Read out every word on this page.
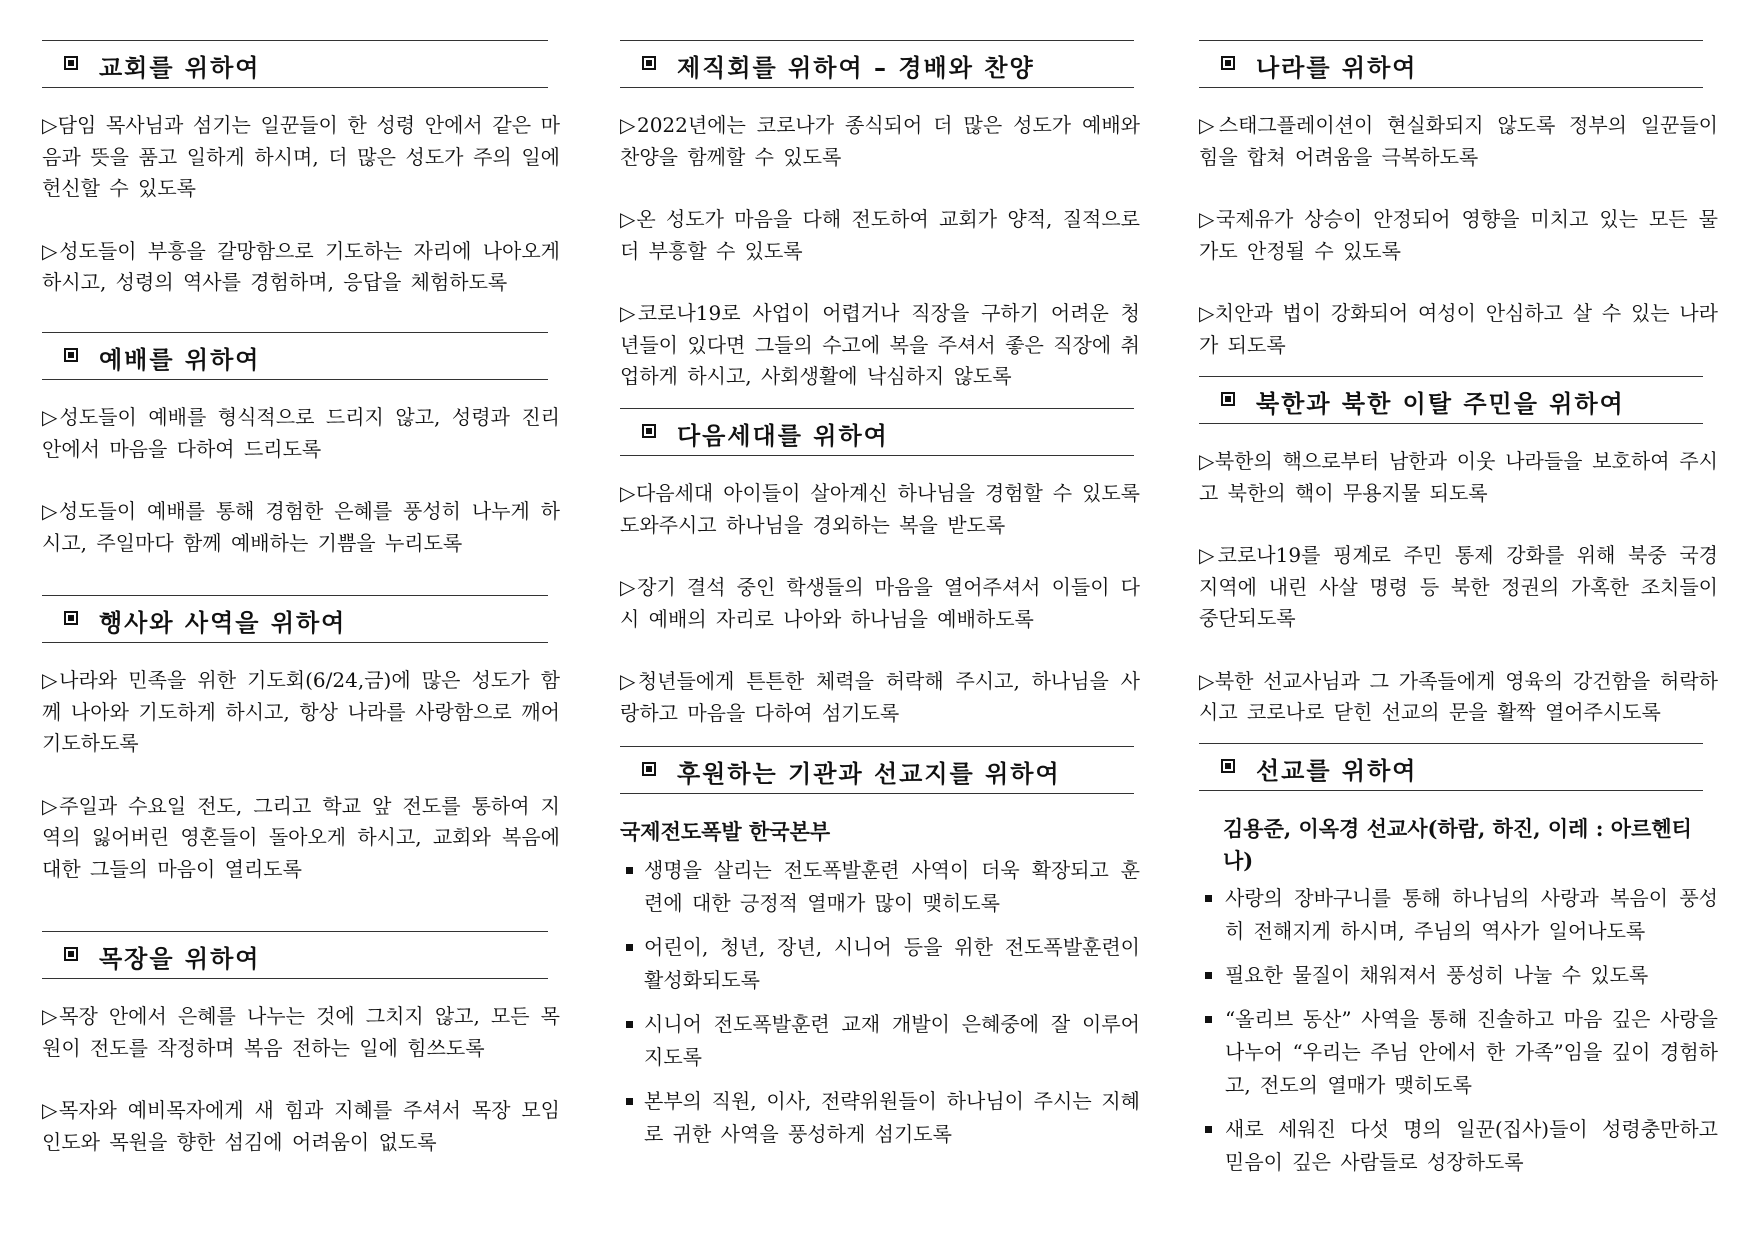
교회를 위하여

▷담임 목사님과 섬기는 일꾼들이 한 성령 안에서 같은 마음과 뜻을 품고 일하게 하시며, 더 많은 성도가 주의 일에 헌신할 수 있도록

▷성도들이 부흥을 갈망함으로 기도하는 자리에 나아오게 하시고, 성령의 역사를 경험하며, 응답을 체험하도록

예배를 위하여

▷성도들이 예배를 형식적으로 드리지 않고, 성령과 진리 안에서 마음을 다하여 드리도록

▷성도들이 예배를 통해 경험한 은혜를 풍성히 나누게 하시고, 주일마다 함께 예배하는 기쁨을 누리도록

행사와 사역을 위하여

▷나라와 민족을 위한 기도회(6/24,금)에 많은 성도가 함께 나아와 기도하게 하시고, 항상 나라를 사랑함으로 깨어 기도하도록

▷주일과 수요일 전도, 그리고 학교 앞 전도를 통하여 지역의 잃어버린 영혼들이 돌아오게 하시고, 교회와 복음에 대한 그들의 마음이 열리도록

목장을 위하여

▷목장 안에서 은혜를 나누는 것에 그치지 않고, 모든 목원이 전도를 작정하며 복음 전하는 일에 힘쓰도록

▷목자와 예비목자에게 새 힘과 지혜를 주셔서 목장 모임 인도와 목원을 향한 섬김에 어려움이 없도록

제직회를 위하여 – 경배와 찬양

▷2022년에는 코로나가 종식되어 더 많은 성도가 예배와 찬양을 함께할 수 있도록

▷온 성도가 마음을 다해 전도하여 교회가 양적, 질적으로 더 부흥할 수 있도록

▷코로나19로 사업이 어렵거나 직장을 구하기 어려운 청년들이 있다면 그들의 수고에 복을 주셔서 좋은 직장에 취업하게 하시고, 사회생활에 낙심하지 않도록

다음세대를 위하여

▷다음세대 아이들이 살아계신 하나님을 경험할 수 있도록 도와주시고 하나님을 경외하는 복을 받도록

▷장기 결석 중인 학생들의 마음을 열어주셔서 이들이 다시 예배의 자리로 나아와 하나님을 예배하도록

▷청년들에게 튼튼한 체력을 허락해 주시고, 하나님을 사랑하고 마음을 다하여 섬기도록

후원하는 기관과 선교지를 위하여
국제전도폭발 한국본부
생명을 살리는 전도폭발훈련 사역이 더욱 확장되고 훈련에 대한 긍정적 열매가 많이 맺히도록
어린이, 청년, 장년, 시니어 등을 위한 전도폭발훈련이 활성화되도록
시니어 전도폭발훈련 교재 개발이 은혜중에 잘 이루어지도록
본부의 직원, 이사, 전략위원들이 하나님이 주시는 지혜로 귀한 사역을 풍성하게 섬기도록
나라를 위하여

▷스태그플레이션이 현실화되지 않도록 정부의 일꾼들이 힘을 합쳐 어려움을 극복하도록

▷국제유가 상승이 안정되어 영향을 미치고 있는 모든 물가도 안정될 수 있도록

▷치안과 법이 강화되어 여성이 안심하고 살 수 있는 나라가 되도록

북한과 북한 이탈 주민을 위하여

▷북한의 핵으로부터 남한과 이웃 나라들을 보호하여 주시고 북한의 핵이 무용지물 되도록

▷코로나19를 핑계로 주민 통제 강화를 위해 북중 국경 지역에 내린 사살 명령 등 북한 정권의 가혹한 조치들이 중단되도록

▷북한 선교사님과 그 가족들에게 영육의 강건함을 허락하시고 코로나로 닫힌 선교의 문을 활짝 열어주시도록

선교를 위하여
김용준, 이옥경 선교사(하람, 하진, 이레 : 아르헨티나)
사랑의 장바구니를 통해 하나님의 사랑과 복음이 풍성히 전해지게 하시며, 주님의 역사가 일어나도록
필요한 물질이 채워져서 풍성히 나눌 수 있도록
“올리브 동산” 사역을 통해 진솔하고 마음 깊은 사랑을 나누어 “우리는 주님 안에서 한 가족”임을 깊이 경험하고, 전도의 열매가 맺히도록
새로 세워진 다섯 명의 일꾼(집사)들이 성령충만하고 믿음이 깊은 사람들로 성장하도록
